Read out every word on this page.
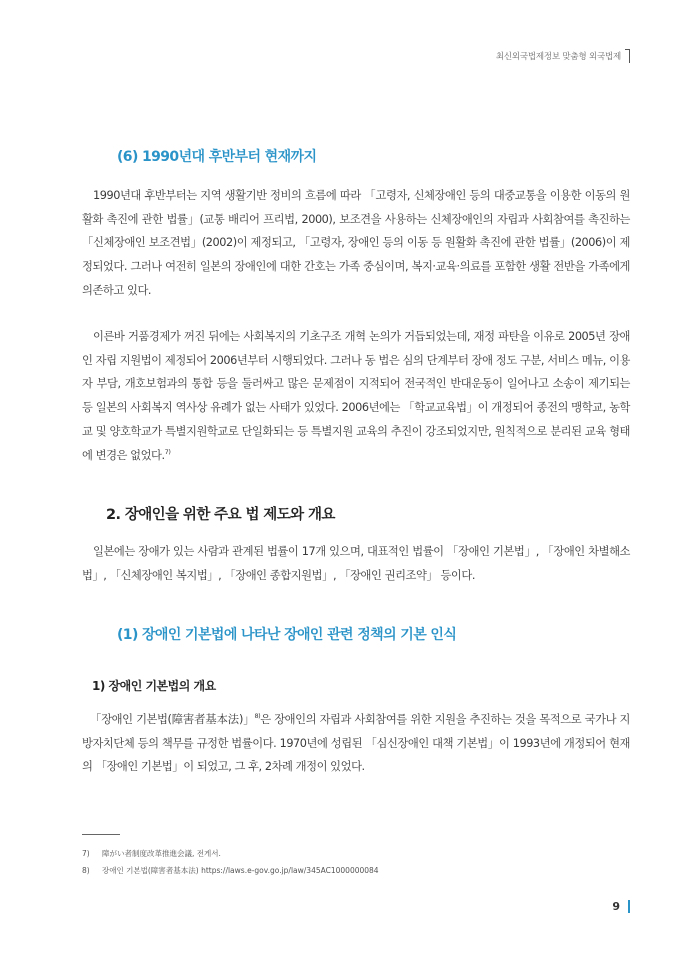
최신외국법제정보 맞춤형 외국법제
(6) 1990년대 후반부터 현재까지

1990년대 후반부터는 지역 생활기반 정비의 흐름에 따라 「고령자, 신체장애인 등의 대중교통을 이용한 이동의 원활화 촉진에 관한 법률」(교통 배리어 프리법, 2000), 보조견을 사용하는 신체장애인의 자립과 사회참여를 촉진하는 「신체장애인 보조견법」(2002)이 제정되고, 「고령자, 장애인 등의 이동 등 원활화 촉진에 관한 법률」(2006)이 제정되었다. 그러나 여전히 일본의 장애인에 대한 간호는 가족 중심이며, 복지·교육·의료를 포함한 생활 전반을 가족에게 의존하고 있다.

이른바 거품경제가 꺼진 뒤에는 사회복지의 기초구조 개혁 논의가 거듭되었는데, 재정 파탄을 이유로 2005년 장애인 자립 지원법이 제정되어 2006년부터 시행되었다. 그러나 동 법은 심의 단계부터 장애 정도 구분, 서비스 메뉴, 이용자 부담, 개호보험과의 통합 등을 둘러싸고 많은 문제점이 지적되어 전국적인 반대운동이 일어나고 소송이 제기되는 등 일본의 사회복지 역사상 유례가 없는 사태가 있었다. 2006년에는 「학교교육법」이 개정되어 종전의 맹학교, 농학교 및 양호학교가 특별지원학교로 단일화되는 등 특별지원 교육의 추진이 강조되었지만, 원칙적으로 분리된 교육 형태에 변경은 없었다.$^{7)}$

2. 장애인을 위한 주요 법 제도와 개요

일본에는 장애가 있는 사람과 관계된 법률이 17개 있으며, 대표적인 법률이 「장애인 기본법」, 「장애인 차별해소법」, 「신체장애인 복지법」, 「장애인 종합지원법」, 「장애인 권리조약」 등이다.

(1) 장애인 기본법에 나타난 장애인 관련 정책의 기본 인식
1) 장애인 기본법의 개요

「장애인 기본법(障害者基本法)」$^{8)}$은 장애인의 자립과 사회참여를 위한 지원을 추진하는 것을 목적으로 국가나 지방자치단체 등의 책무를 규정한 법률이다. 1970년에 성립된 「심신장애인 대책 기본법」이 1993년에 개정되어 현재의 「장애인 기본법」이 되었고, 그 후, 2차례 개정이 있었다.

7) 障がい者制度改革推進会議, 전게서.
8) 장애인 기본법(障害者基本法) https://laws.e-gov.go.jp/law/345AC1000000084
9
